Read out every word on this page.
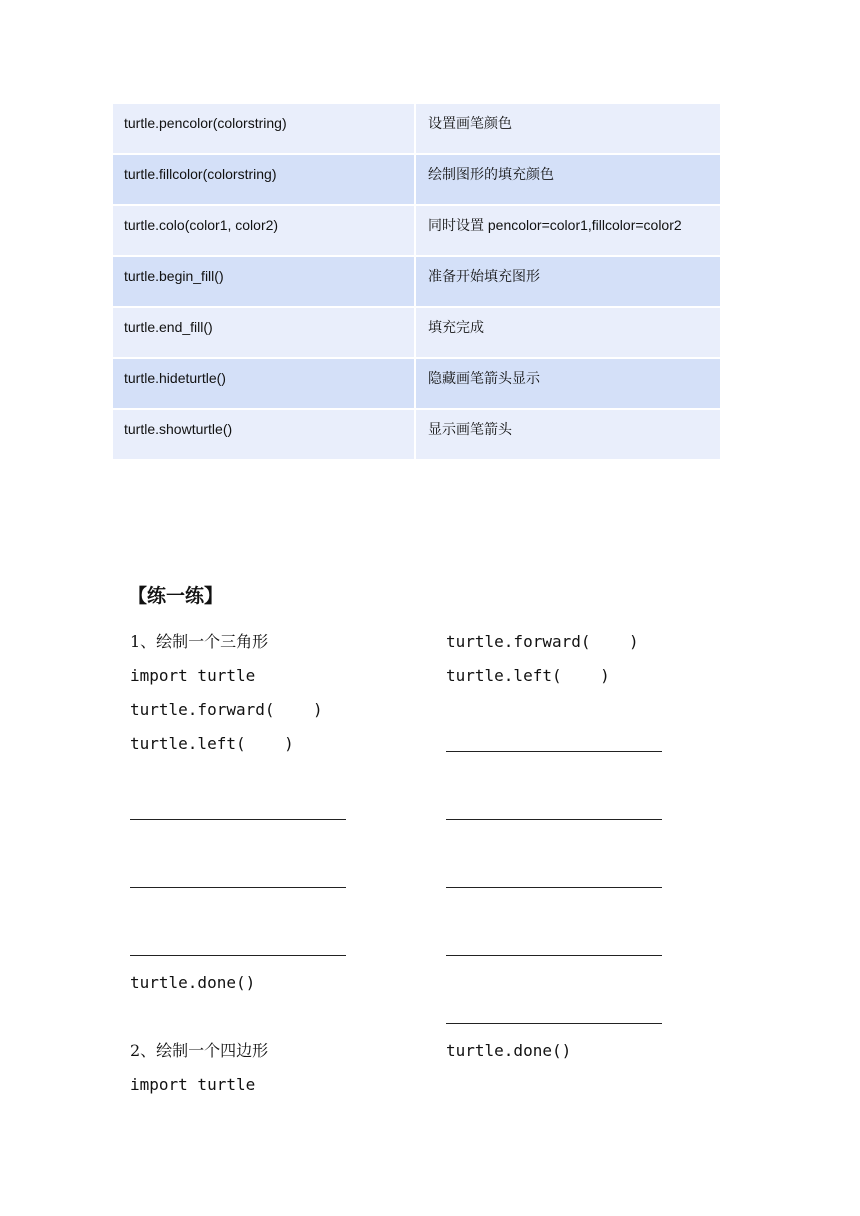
turtle.pencolor(colorstring)	设置画笔颜色
turtle.fillcolor(colorstring)	绘制图形的填充颜色
turtle.colo(color1, color2)	同时设置 pencolor=color1,fillcolor=color2
turtle.begin_fill()	准备开始填充图形
turtle.end_fill()	填充完成
turtle.hideturtle()	隐藏画笔箭头显示
turtle.showturtle()	显示画笔箭头
【练一练】
1、绘制一个三角形
import turtle
turtle.forward(    )
turtle.left(    )
turtle.done()
2、绘制一个四边形
import turtle
turtle.forward(    )
turtle.left(    )
turtle.done()
